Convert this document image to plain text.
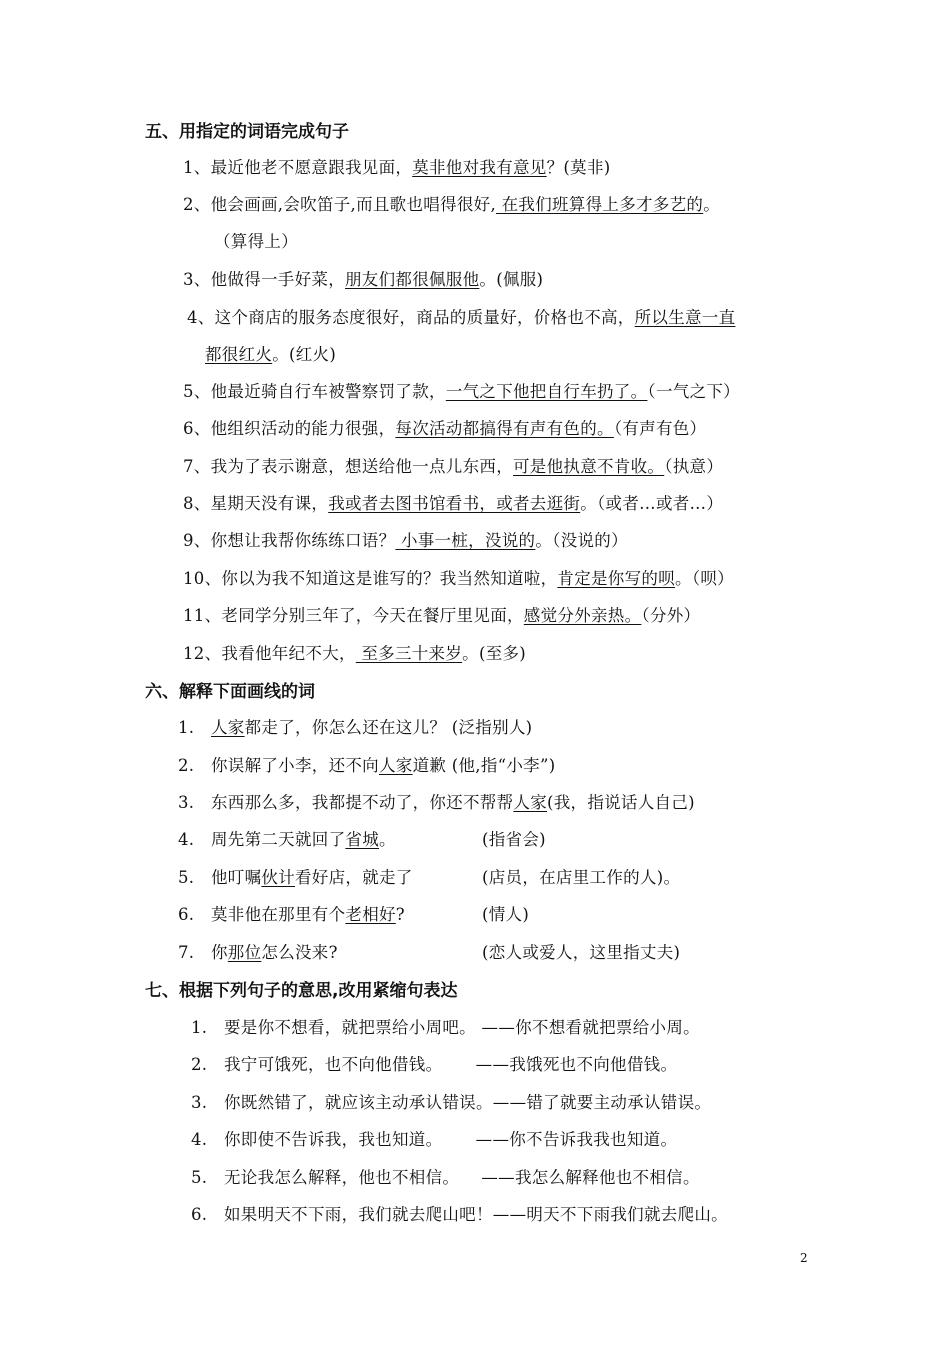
五、用指定的词语完成句子
1、最近他老不愿意跟我见面，莫非他对我有意见？(莫非)
2、他会画画,会吹笛子,而且歌也唱得很好, 在我们班算得上多才多艺的。
（算得上）
3、他做得一手好菜，朋友们都很佩服他。(佩服)
4、这个商店的服务态度很好，商品的质量好，价格也不高，所以生意一直
都很红火。(红火)
5、他最近骑自行车被警察罚了款，一气之下他把自行车扔了。（一气之下）
6、他组织活动的能力很强，每次活动都搞得有声有色的。（有声有色）
7、我为了表示谢意，想送给他一点儿东西，可是他执意不肯收。（执意）
8、星期天没有课，我或者去图书馆看书，或者去逛街。（或者…或者…）
9、你想让我帮你练练口语？ 小事一桩，没说的。（没说的）
10、你以为我不知道这是谁写的？我当然知道啦，肯定是你写的呗。（呗）
11、老同学分别三年了，今天在餐厅里见面，感觉分外亲热。（分外）
12、我看他年纪不大， 至多三十来岁。(至多)
六、解释下面画线的词
1. 人家都走了，你怎么还在这儿？ (泛指别人)
2. 你误解了小李，还不向人家道歉 (他,指“小李”)
3. 东西那么多，我都提不动了，你还不帮帮人家(我，指说话人自己)
4. 周先第二天就回了省城。	(指省会)
5. 他叮嘱伙计看好店，就走了	(店员，在店里工作的人)。
6. 莫非他在那里有个老相好?	(情人)
7. 你那位怎么没来?	(恋人或爱人，这里指丈夫)
七、根据下列句子的意思,改用紧缩句表达
1. 要是你不想看，就把票给小周吧。 ——你不想看就把票给小周。
2. 我宁可饿死，也不向他借钱。      ——我饿死也不向他借钱。
3. 你既然错了，就应该主动承认错误。——错了就要主动承认错误。
4. 你即使不告诉我，我也知道。      ——你不告诉我我也知道。
5. 无论我怎么解释，他也不相信。    ——我怎么解释他也不相信。
6. 如果明天不下雨，我们就去爬山吧！——明天不下雨我们就去爬山。
2
